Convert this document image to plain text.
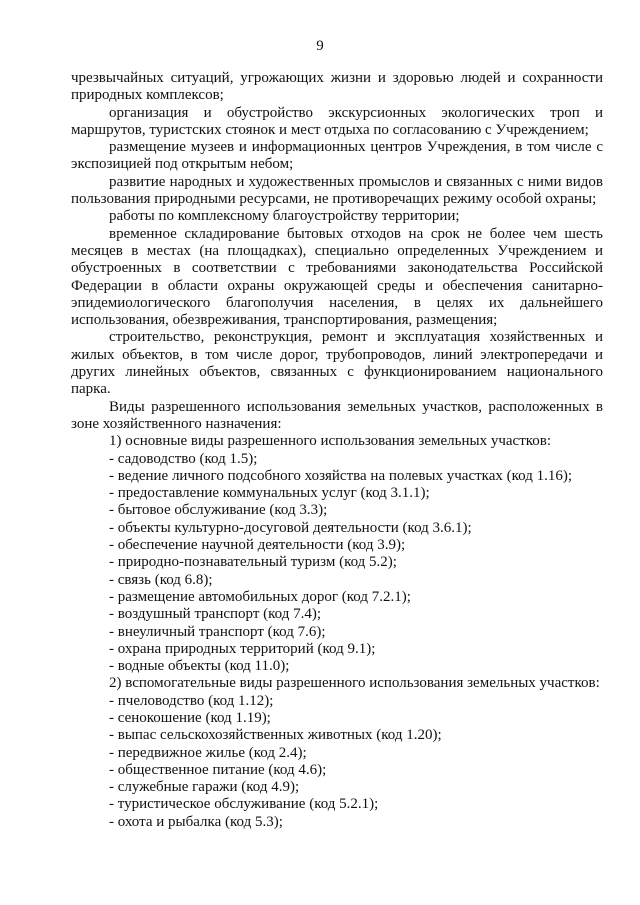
9

чрезвычайных ситуаций, угрожающих жизни и здоровью людей и сохранности природных комплексов;

организация и обустройство экскурсионных экологических троп и маршрутов, туристских стоянок и мест отдыха по согласованию с Учреждением;

размещение музеев и информационных центров Учреждения, в том числе с экспозицией под открытым небом;

развитие народных и художественных промыслов и связанных с ними видов пользования природными ресурсами, не противоречащих режиму особой охраны;

работы по комплексному благоустройству территории;

временное складирование бытовых отходов на срок не более чем шесть месяцев в местах (на площадках), специально определенных Учреждением и обустроенных в соответствии с требованиями законодательства Российской Федерации в области охраны окружающей среды и обеспечения санитарно-эпидемиологического благополучия населения, в целях их дальнейшего использования, обезвреживания, транспортирования, размещения;

строительство, реконструкция, ремонт и эксплуатация хозяйственных и жилых объектов, в том числе дорог, трубопроводов, линий электропередачи и других линейных объектов, связанных с функционированием национального парка.

Виды разрешенного использования земельных участков, расположенных в зоне хозяйственного назначения:

1) основные виды разрешенного использования земельных участков:

- садоводство (код 1.5);

- ведение личного подсобного хозяйства на полевых участках (код 1.16);

- предоставление коммунальных услуг (код 3.1.1);

- бытовое обслуживание (код 3.3);

- объекты культурно-досуговой деятельности (код 3.6.1);

- обеспечение научной деятельности (код 3.9);

- природно-познавательный туризм (код 5.2);

- связь (код 6.8);

- размещение автомобильных дорог (код 7.2.1);

- воздушный транспорт (код 7.4);

- внеуличный транспорт (код 7.6);

- охрана природных территорий (код 9.1);

- водные объекты (код 11.0);

2) вспомогательные виды разрешенного использования земельных участков:

- пчеловодство (код 1.12);

- сенокошение (код 1.19);

- выпас сельскохозяйственных животных (код 1.20);

- передвижное жилье (код 2.4);

- общественное питание (код 4.6);

- служебные гаражи (код 4.9);

- туристическое обслуживание (код 5.2.1);

- охота и рыбалка (код 5.3);
